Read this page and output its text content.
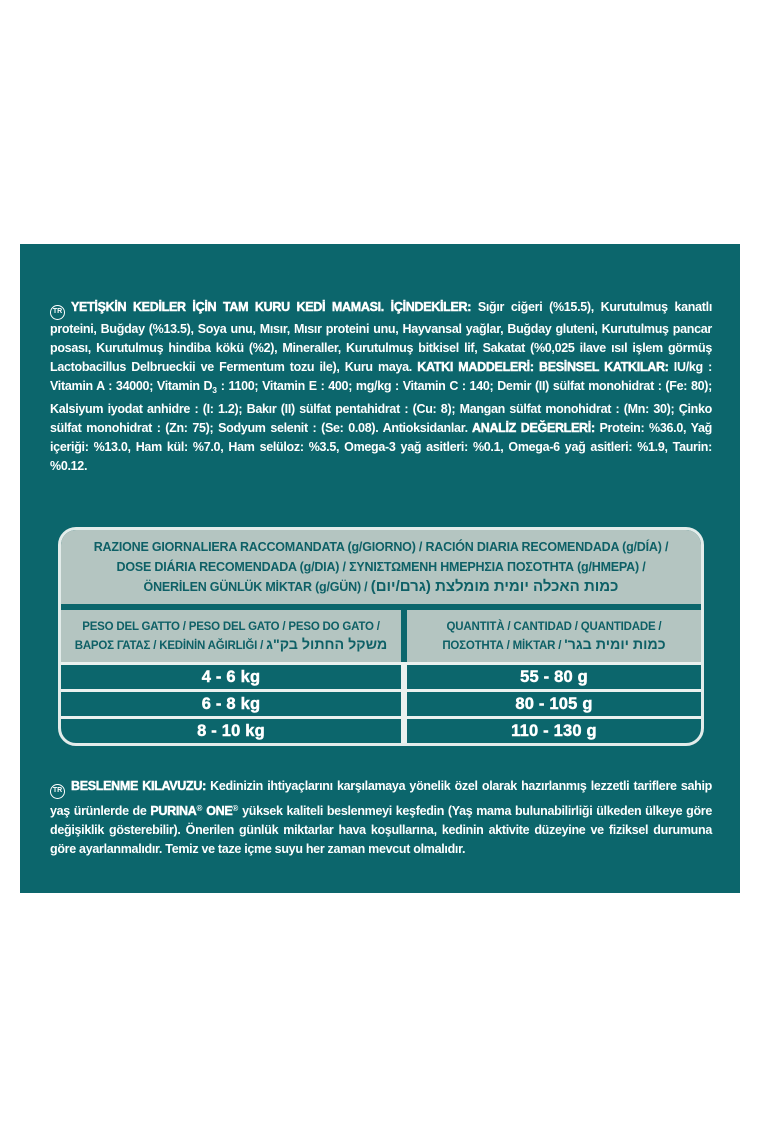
TR YETİŞKİN KEDİLER İÇİN TAM KURU KEDİ MAMASI. İÇİNDEKİLER: Sığır ciğeri (%15.5), Kurutulmuş kanatlı proteini, Buğday (%13.5), Soya unu, Mısır, Mısır proteini unu, Hayvansal yağlar, Buğday gluteni, Kurutulmuş pancar posası, Kurutulmuş hindiba kökü (%2), Mineraller, Kurutulmuş bitkisel lif, Sakatat (%0,025 ilave ısıl işlem görmüş Lactobacillus Delbrueckii ve Fermentum tozu ile), Kuru maya. KATKI MADDELERİ: BESİNSEL KATKILAR: IU/kg : Vitamin A : 34000; Vitamin $D_3$ : 1100; Vitamin E : 400; mg/kg : Vitamin C : 140; Demir (II) sülfat monohidrat : (Fe: 80); Kalsiyum iyodat anhidre : (I: 1.2); Bakır (II) sülfat pentahidrat : (Cu: 8); Mangan sülfat monohidrat : (Mn: 30); Çinko sülfat monohidrat : (Zn: 75); Sodyum selenit : (Se: 0.08). Antioksidanlar. ANALİZ DEĞERLERİ: Protein: %36.0, Yağ içeriği: %13.0, Ham kül: %7.0, Ham selüloz: %3.5, Omega-3 yağ asitleri: %0.1, Omega-6 yağ asitleri: %1.9, Taurin: %0.12.

RAZIONE GIORNALIERA RACCOMANDATA (g/GIORNO) / RACIÓN DIARIA RECOMENDADA (g/DÍA) /
DOSE DIÁRIA RECOMENDADA (g/DIA) / ΣΥΝΙΣΤΩΜΕΝΗ ΗΜΕΡΗΣΙΑ ΠΟΣΟΤΗΤΑ (g/ΗΜΕΡΑ) /
ÖNERİLEN GÜNLÜK MİKTAR (g/GÜN) / כמות האכלה יומית מומלצת (גרם/יום)
PESO DEL GATTO / PESO DEL GATO / PESO DO GATO /
ΒΑΡΟΣ ΓΑΤΑΣ / KEDİNİN AĞIRLIĞI / משקל החתול בק"ג
QUANTITÀ / CANTIDAD / QUANTIDADE /
ΠΟΣΟΤΗΤΑ / MİKTAR / כמות יומית בגר'
4 - 6 kg	55 - 80 g
6 - 8 kg	80 - 105 g
8 - 10 kg	110 - 130 g

TR BESLENME KILAVUZU: Kedinizin ihtiyaçlarını karşılamaya yönelik özel olarak hazırlanmış lezzetli tariflere sahip yaş ürünlerde de PURINA® ONE® yüksek kaliteli beslenmeyi keşfedin (Yaş mama bulunabilirliği ülkeden ülkeye göre değişiklik gösterebilir). Önerilen günlük miktarlar hava koşullarına, kedinin aktivite düzeyine ve fiziksel durumuna göre ayarlanmalıdır. Temiz ve taze içme suyu her zaman mevcut olmalıdır.
